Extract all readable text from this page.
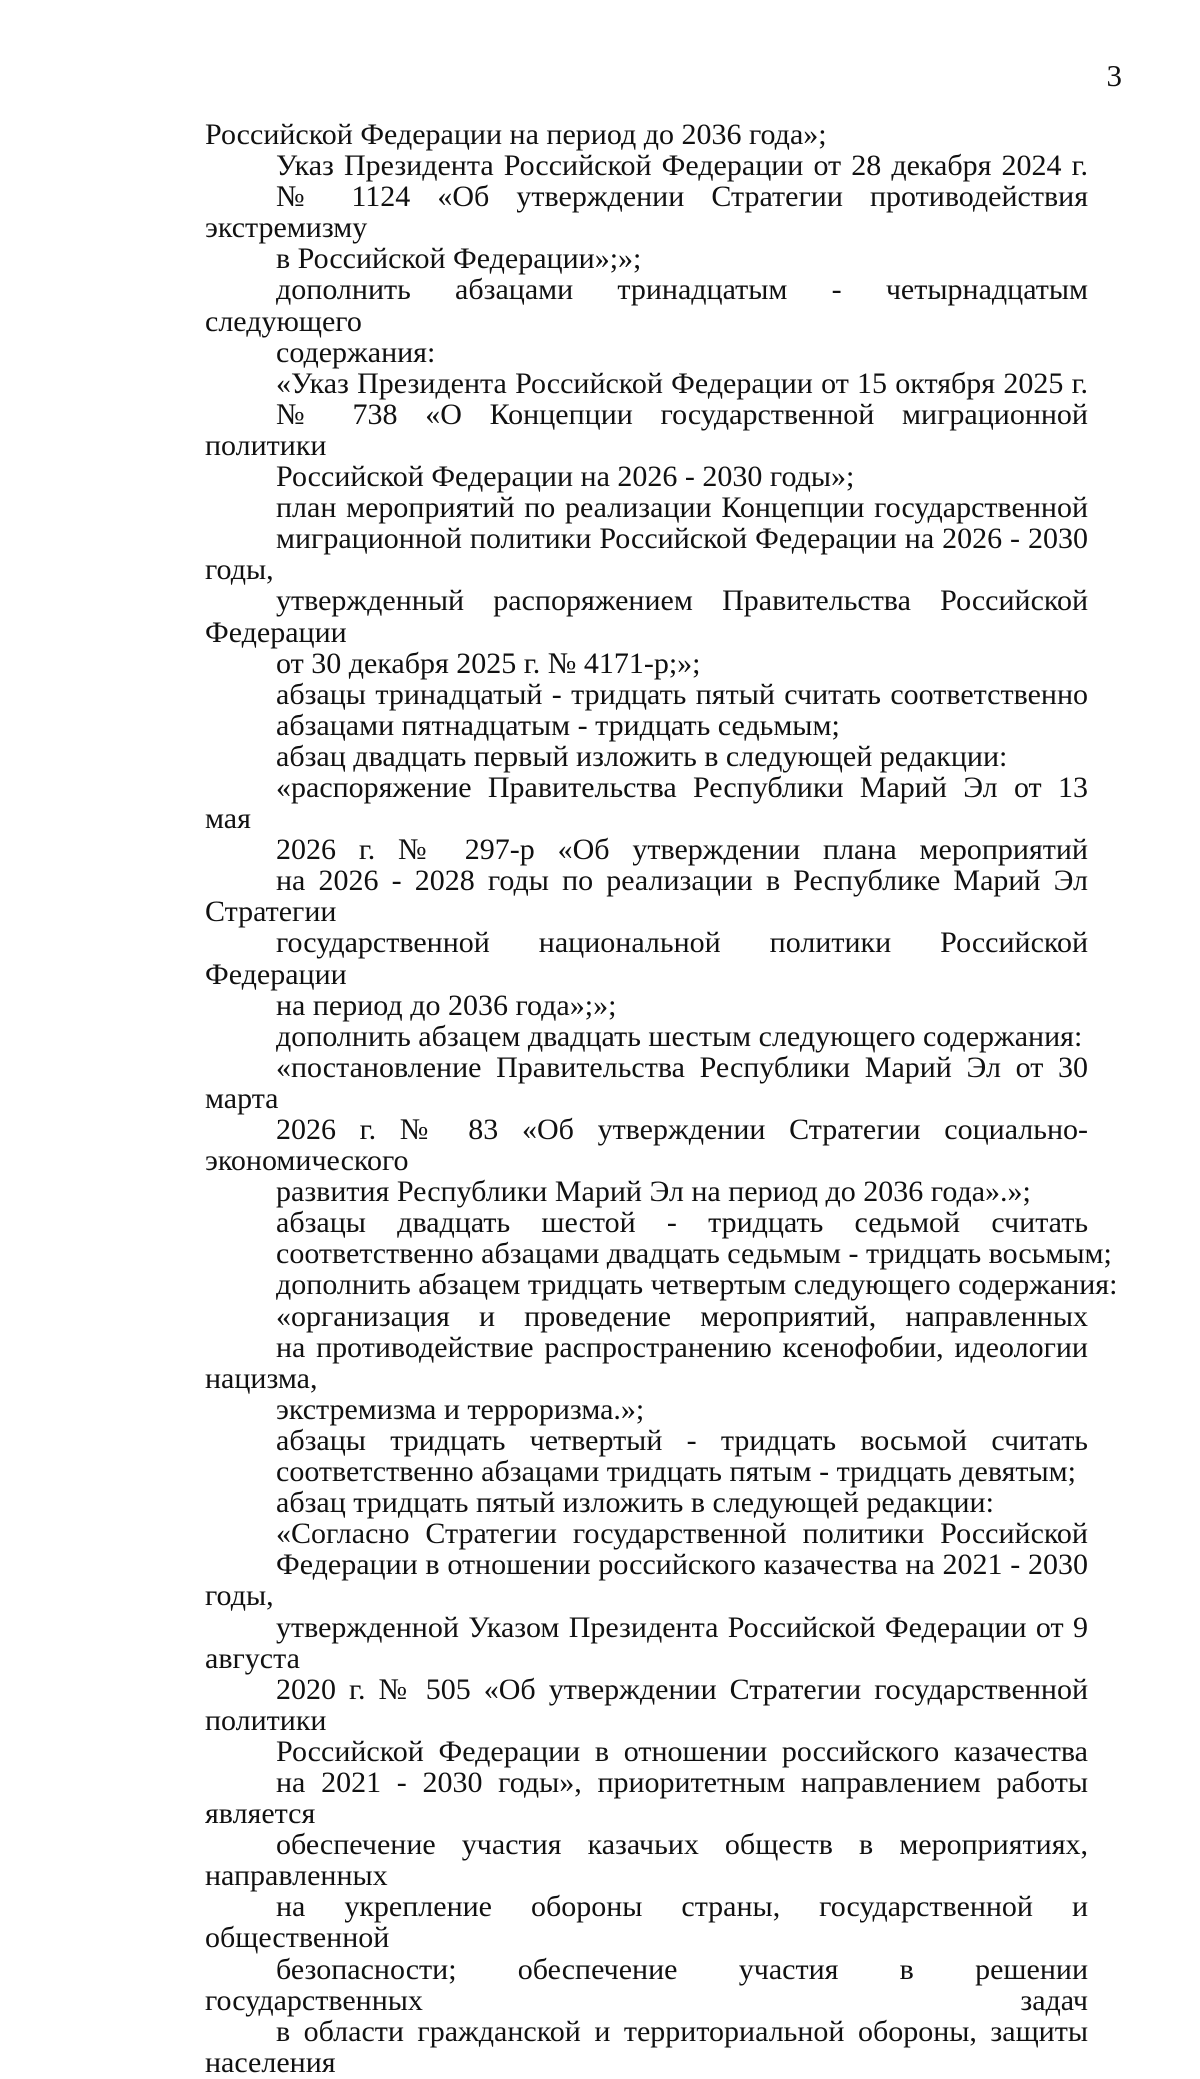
3

Российской Федерации на период до 2036 года»;

Указ Президента Российской Федерации от 28 декабря 2024 г.
№ 1124 «Об утверждении Стратегии противодействия экстремизму
в Российской Федерации»;»;

дополнить абзацами тринадцатым - четырнадцатым следующего
содержания:

«Указ Президента Российской Федерации от 15 октября 2025 г.
№ 738 «О Концепции государственной миграционной политики
Российской Федерации на 2026 - 2030 годы»;

план мероприятий по реализации Концепции государственной
миграционной политики Российской Федерации на 2026 - 2030 годы,
утвержденный распоряжением Правительства Российской Федерации
от 30 декабря 2025 г. № 4171-р;»;

абзацы тринадцатый - тридцать пятый считать соответственно
абзацами пятнадцатым - тридцать седьмым;

абзац двадцать первый изложить в следующей редакции:

«распоряжение Правительства Республики Марий Эл от 13 мая
2026 г. № 297-р «Об утверждении плана мероприятий
на 2026 - 2028 годы по реализации в Республике Марий Эл Стратегии
государственной национальной политики Российской Федерации
на период до 2036 года»;»;

дополнить абзацем двадцать шестым следующего содержания:

«постановление Правительства Республики Марий Эл от 30 марта
2026 г. № 83 «Об утверждении Стратегии социально-экономического
развития Республики Марий Эл на период до 2036 года».»;

абзацы двадцать шестой - тридцать седьмой считать
соответственно абзацами двадцать седьмым - тридцать восьмым;

дополнить абзацем тридцать четвертым следующего содержания:

«организация и проведение мероприятий, направленных
на противодействие распространению ксенофобии, идеологии нацизма,
экстремизма и терроризма.»;

абзацы тридцать четвертый - тридцать восьмой считать
соответственно абзацами тридцать пятым - тридцать девятым;

абзац тридцать пятый изложить в следующей редакции:

«Согласно Стратегии государственной политики Российской
Федерации в отношении российского казачества на 2021 - 2030 годы,
утвержденной Указом Президента Российской Федерации от 9 августа
2020 г. № 505 «Об утверждении Стратегии государственной политики
Российской Федерации в отношении российского казачества
на 2021 - 2030 годы», приоритетным направлением работы является
обеспечение участия казачьих обществ в мероприятиях, направленных
на укрепление обороны страны, государственной и общественной
безопасности; обеспечение участия в решении государственных задач
в области гражданской и территориальной обороны, защиты населения
